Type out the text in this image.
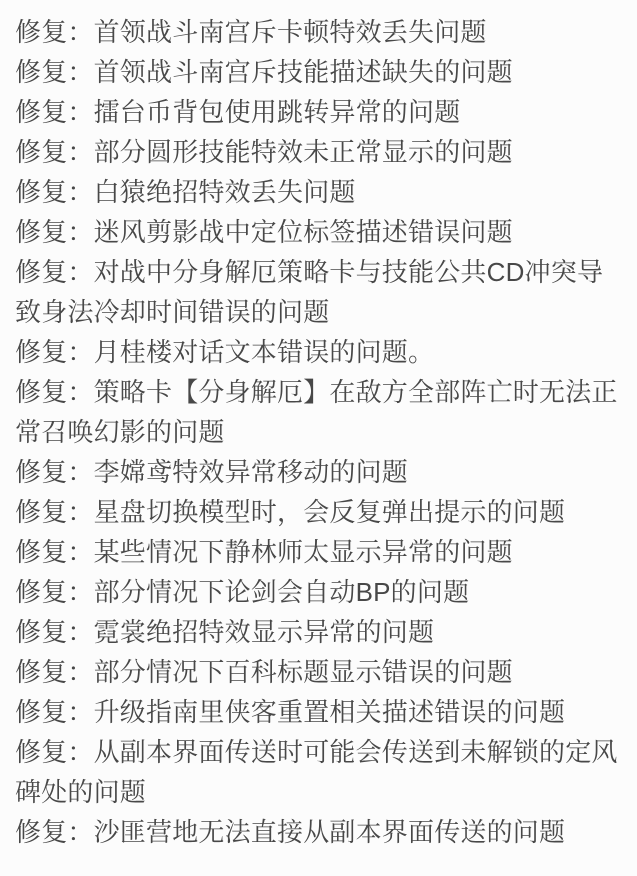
修复：首领战斗南宫斥卡顿特效丢失问题

修复：首领战斗南宫斥技能描述缺失的问题

修复：擂台币背包使用跳转异常的问题

修复：部分圆形技能特效未正常显示的问题

修复：白猿绝招特效丢失问题

修复：迷风剪影战中定位标签描述错误问题

修复：对战中分身解厄策略卡与技能公共CD冲突导致身法冷却时间错误的问题

修复：月桂楼对话文本错误的问题。

修复：策略卡【分身解厄】在敌方全部阵亡时无法正常召唤幻影的问题

修复：李嫦鸢特效异常移动的问题

修复：星盘切换模型时，会反复弹出提示的问题

修复：某些情况下静林师太显示异常的问题

修复：部分情况下论剑会自动BP的问题

修复：霓裳绝招特效显示异常的问题

修复：部分情况下百科标题显示错误的问题

修复：升级指南里侠客重置相关描述错误的问题

修复：从副本界面传送时可能会传送到未解锁的定风碑处的问题

修复：沙匪营地无法直接从副本界面传送的问题
